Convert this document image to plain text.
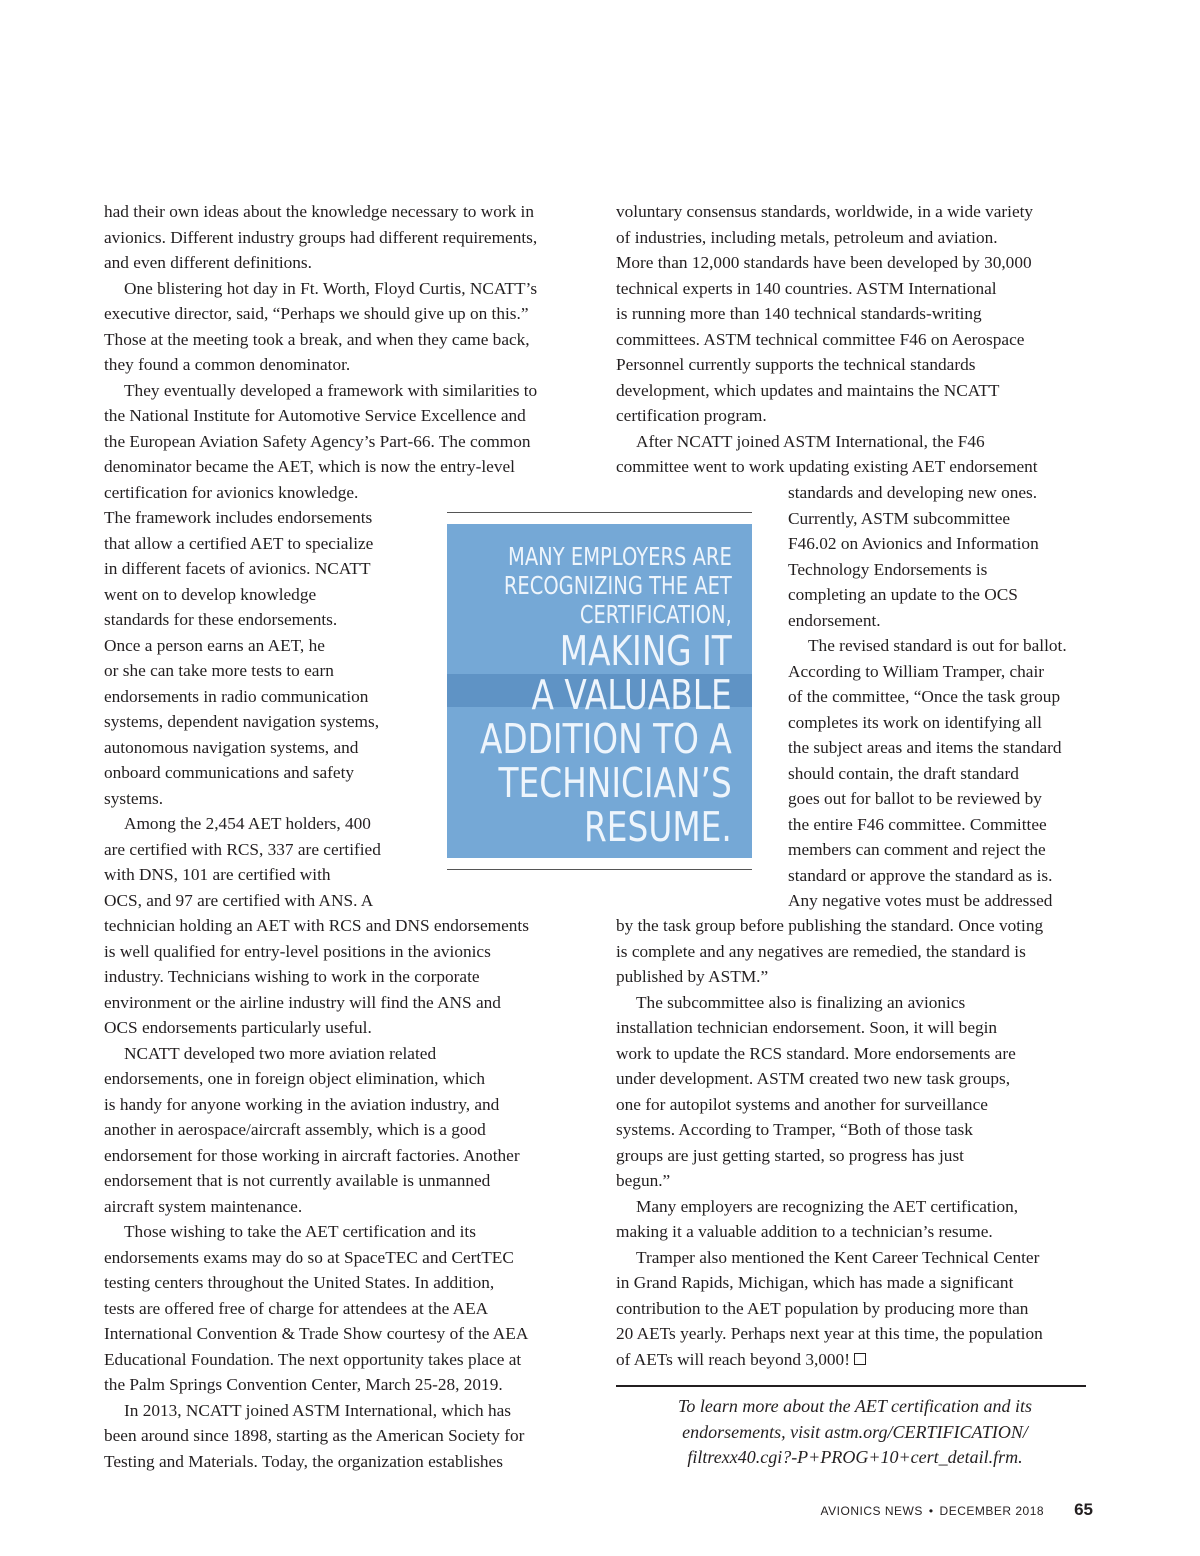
had their own ideas about the knowledge necessary to work in
avionics. Different industry groups had different requirements,
and even different definitions.
One blistering hot day in Ft. Worth, Floyd Curtis, NCATT’s
executive director, said, “Perhaps we should give up on this.”
Those at the meeting took a break, and when they came back,
they found a common denominator.
They eventually developed a framework with similarities to
the National Institute for Automotive Service Excellence and
the European Aviation Safety Agency’s Part-66. The common
denominator became the AET, which is now the entry-level
certification for avionics knowledge.
The framework includes endorsements
that allow a certified AET to specialize
in different facets of avionics. NCATT
went on to develop knowledge
standards for these endorsements.
Once a person earns an AET, he
or she can take more tests to earn
endorsements in radio communication
systems, dependent navigation systems,
autonomous navigation systems, and
onboard communications and safety
systems.
Among the 2,454 AET holders, 400
are certified with RCS, 337 are certified
with DNS, 101 are certified with
OCS, and 97 are certified with ANS. A
technician holding an AET with RCS and DNS endorsements
is well qualified for entry-level positions in the avionics
industry. Technicians wishing to work in the corporate
environment or the airline industry will find the ANS and
OCS endorsements particularly useful.
NCATT developed two more aviation related
endorsements, one in foreign object elimination, which
is handy for anyone working in the aviation industry, and
another in aerospace/aircraft assembly, which is a good
endorsement for those working in aircraft factories. Another
endorsement that is not currently available is unmanned
aircraft system maintenance.
Those wishing to take the AET certification and its
endorsements exams may do so at SpaceTEC and CertTEC
testing centers throughout the United States. In addition,
tests are offered free of charge for attendees at the AEA
International Convention & Trade Show courtesy of the AEA
Educational Foundation. The next opportunity takes place at
the Palm Springs Convention Center, March 25-28, 2019.
In 2013, NCATT joined ASTM International, which has
been around since 1898, starting as the American Society for
Testing and Materials. Today, the organization establishes
voluntary consensus standards, worldwide, in a wide variety
of industries, including metals, petroleum and aviation.
More than 12,000 standards have been developed by 30,000
technical experts in 140 countries. ASTM International
is running more than 140 technical standards-writing
committees. ASTM technical committee F46 on Aerospace
Personnel currently supports the technical standards
development, which updates and maintains the NCATT
certification program.
After NCATT joined ASTM International, the F46
committee went to work updating existing AET endorsement
standards and developing new ones.
Currently, ASTM subcommittee
F46.02 on Avionics and Information
Technology Endorsements is
completing an update to the OCS
endorsement.
The revised standard is out for ballot.
According to William Tramper, chair
of the committee, “Once the task group
completes its work on identifying all
the subject areas and items the standard
should contain, the draft standard
goes out for ballot to be reviewed by
the entire F46 committee. Committee
members can comment and reject the
standard or approve the standard as is.
Any negative votes must be addressed
by the task group before publishing the standard. Once voting
is complete and any negatives are remedied, the standard is
published by ASTM.”
The subcommittee also is finalizing an avionics
installation technician endorsement. Soon, it will begin
work to update the RCS standard. More endorsements are
under development. ASTM created two new task groups,
one for autopilot systems and another for surveillance
systems. According to Tramper, “Both of those task
groups are just getting started, so progress has just
begun.”
Many employers are recognizing the AET certification,
making it a valuable addition to a technician’s resume.
Tramper also mentioned the Kent Career Technical Center
in Grand Rapids, Michigan, which has made a significant
contribution to the AET population by producing more than
20 AETs yearly. Perhaps next year at this time, the population
of AETs will reach beyond 3,000!
MANY EMPLOYERS ARE
RECOGNIZING THE AET
CERTIFICATION,
MAKING IT
A VALUABLE
ADDITION TO A
TECHNICIAN’S
RESUME.
To learn more about the AET certification and its
endorsements, visit astm.org/CERTIFICATION/
filtrexx40.cgi?-P+PROG+10+cert_detail.frm.
AVIONICS NEWS • DECEMBER 2018 65
